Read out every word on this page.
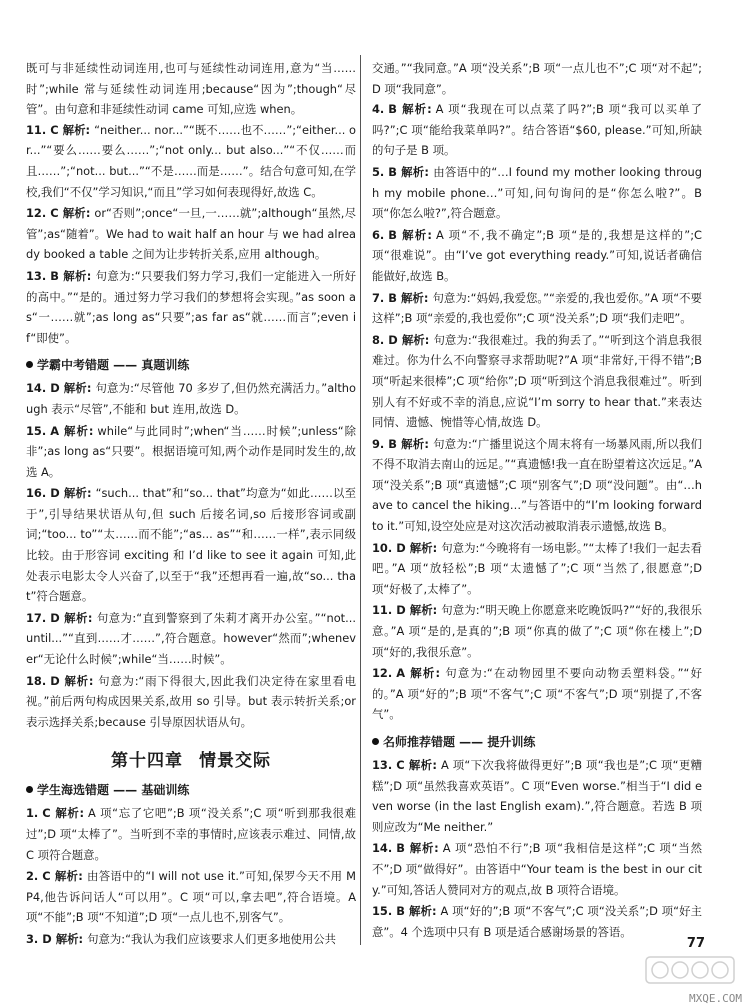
既可与非延续性动词连用,也可与延续性动词连用,意为“当……时”;while 常与延续性动词连用;because“因为”;though“尽管”。由句意和非延续性动词 came 可知,应选 when。

11. C 解析: “neither... nor...”“既不……也不……”;“either... or...”“要么……要么……”;“not only... but also...”“不仅……而且……”;“not... but...”“不是……而是……”。结合句意可知,在学校,我们“不仅”学习知识,“而且”学习如何表现得好,故选 C。

12. C 解析: or“否则”;once“一旦,一……就”;although“虽然,尽管”;as“随着”。We had to wait half an hour 与 we had already booked a table 之间为让步转折关系,应用 although。

13. B 解析: 句意为:“只要我们努力学习,我们一定能进入一所好的高中。”“是的。通过努力学习我们的梦想将会实现。”as soon as“一……就”;as long as“只要”;as far as“就……而言”;even if“即使”。

学霸中考错题 —— 真题训练

14. D 解析: 句意为:“尽管他 70 多岁了,但仍然充满活力。”although 表示“尽管”,不能和 but 连用,故选 D。

15. A 解析: while“与此同时”;when“当……时候”;unless“除非”;as long as“只要”。根据语境可知,两个动作是同时发生的,故选 A。

16. D 解析: “such... that”和“so... that”均意为“如此……以至于”,引导结果状语从句,但 such 后接名词,so 后接形容词或副词;“too... to”“太……而不能”;“as... as”“和……一样”,表示同级比较。由于形容词 exciting 和 I’d like to see it again 可知,此处表示电影太令人兴奋了,以至于“我”还想再看一遍,故“so... that”符合题意。

17. D 解析: 句意为:“直到警察到了朱莉才离开办公室。”“not... until...”“直到……才……”,符合题意。however“然而”;whenever“无论什么时候”;while“当……时候”。

18. D 解析: 句意为:“雨下得很大,因此我们决定待在家里看电视。”前后两句构成因果关系,故用 so 引导。but 表示转折关系;or 表示选择关系;because 引导原因状语从句。

第十四章 情景交际
学生海选错题 —— 基础训练

1. C 解析: A 项“忘了它吧”;B 项“没关系”;C 项“听到那我很难过”;D 项“太棒了”。当听到不幸的事情时,应该表示难过、同情,故 C 项符合题意。

2. C 解析: 由答语中的“I will not use it.”可知,保罗今天不用 MP4,他告诉问话人“可以用”。C 项“可以,拿去吧”,符合语境。A 项“不能”;B 项“不知道”;D 项“一点儿也不,别客气”。

3. D 解析: 句意为:“我认为我们应该要求人们更多地使用公共

交通。”“我同意。”A 项“没关系”;B 项“一点儿也不”;C 项“对不起”;D 项“我同意”。

4. B 解析: A 项“我现在可以点菜了吗?”;B 项“我可以买单了吗?”;C 项“能给我菜单吗?”。结合答语“$60, please.”可知,所缺的句子是 B 项。

5. B 解析: 由答语中的“…I found my mother looking through my mobile phone…”可知,问句询问的是“你怎么啦?”。B 项“你怎么啦?”,符合题意。

6. B 解析: A 项“不,我不确定”;B 项“是的,我想是这样的”;C 项“很难说”。由“I’ve got everything ready.”可知,说话者确信能做好,故选 B。

7. B 解析: 句意为:“妈妈,我爱您。”“亲爱的,我也爱你。”A 项“不要这样”;B 项“亲爱的,我也爱你”;C 项“没关系”;D 项“我们走吧”。

8. D 解析: 句意为:“我很难过。我的狗丢了。”“听到这个消息我很难过。你为什么不向警察寻求帮助呢?”A 项“非常好,干得不错”;B 项“听起来很棒”;C 项“给你”;D 项“听到这个消息我很难过”。听到别人有不好或不幸的消息,应说“I’m sorry to hear that.”来表达同情、遗憾、惋惜等心情,故选 D。

9. B 解析: 句意为:“广播里说这个周末将有一场暴风雨,所以我们不得不取消去南山的远足。”“真遗憾!我一直在盼望着这次远足。”A 项“没关系”;B 项“真遗憾”;C 项“别客气”;D 项“没问题”。由“…have to cancel the hiking…”与答语中的“I’m looking forward to it.”可知,设空处应是对这次活动被取消表示遗憾,故选 B。

10. D 解析: 句意为:“今晚将有一场电影。”“太棒了!我们一起去看吧。”A 项“放轻松”;B 项“太遗憾了”;C 项“当然了,很愿意”;D 项“好极了,太棒了”。

11. D 解析: 句意为:“明天晚上你愿意来吃晚饭吗?”“好的,我很乐意。”A 项“是的,是真的”;B 项“你真的做了”;C 项“你在楼上”;D 项“好的,我很乐意”。

12. A 解析: 句意为:“在动物园里不要向动物丢塑料袋。”“好的。”A 项“好的”;B 项“不客气”;C 项“不客气”;D 项“别提了,不客气”。

名师推荐错题 —— 提升训练

13. C 解析: A 项“下次我将做得更好”;B 项“我也是”;C 项“更糟糕”;D 项“虽然我喜欢英语”。C 项“Even worse.”相当于“I did even worse (in the last English exam).”,符合题意。若选 B 项则应改为“Me neither.”

14. B 解析: A 项“恐怕不行”;B 项“我相信是这样”;C 项“当然不”;D 项“做得好”。由答语中“Your team is the best in our city.”可知,答话人赞同对方的观点,故 B 项符合语境。

15. B 解析: A 项“好的”;B 项“不客气”;C 项“没关系”;D 项“好主意”。4 个选项中只有 B 项是适合感谢场景的答语。

77
MXQE.COM
